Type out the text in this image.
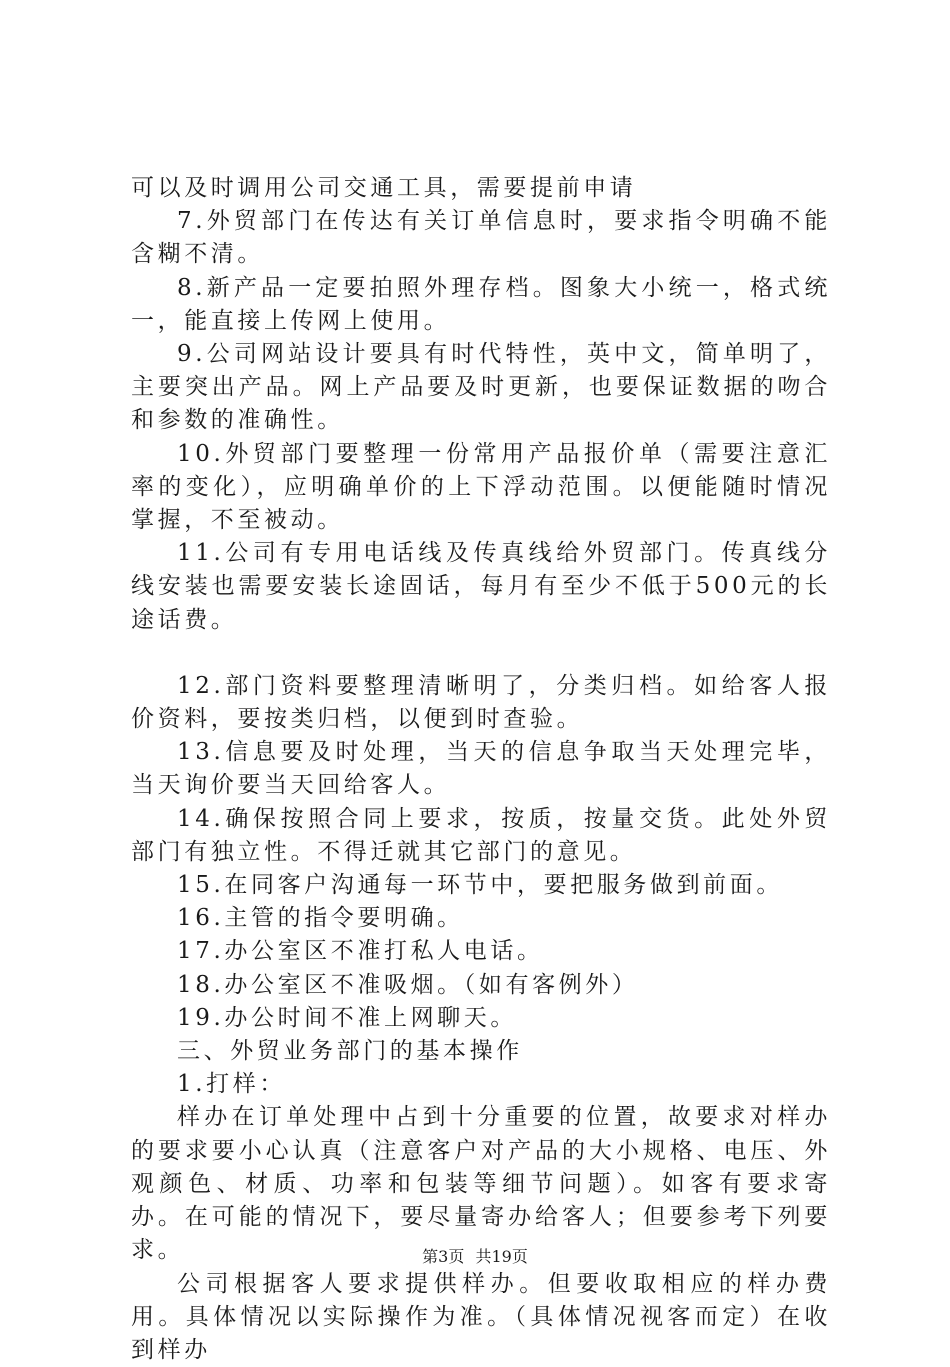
可以及时调用公司交通工具，需要提前申请

7.外贸部门在传达有关订单信息时，要求指令明确不能含糊不清。

8.新产品一定要拍照外理存档。图象大小统一，格式统一，能直接上传网上使用。

9.公司网站设计要具有时代特性，英中文，简单明了，主要突出产品。网上产品要及时更新，也要保证数据的吻合和参数的准确性。

10.外贸部门要整理一份常用产品报价单（需要注意汇率的变化），应明确单价的上下浮动范围。以便能随时情况掌握，不至被动。

11.公司有专用电话线及传真线给外贸部门。传真线分线安装也需要安装长途固话，每月有至少不低于500元的长途话费。

12.部门资料要整理清晰明了，分类归档。如给客人报价资料，要按类归档，以便到时查验。

13.信息要及时处理，当天的信息争取当天处理完毕，当天询价要当天回给客人。

14.确保按照合同上要求，按质，按量交货。此处外贸部门有独立性。不得迁就其它部门的意见。

15.在同客户沟通每一环节中，要把服务做到前面。

16.主管的指令要明确。

17.办公室区不准打私人电话。

18.办公室区不准吸烟。（如有客例外）

19.办公时间不准上网聊天。

三、外贸业务部门的基本操作

1.打样：

样办在订单处理中占到十分重要的位置，故要求对样办的要求要小心认真（注意客户对产品的大小规格、电压、外观颜色、材质、功率和包装等细节问题）。如客有要求寄办。在可能的情况下，要尽量寄办给客人；但要参考下列要求。

公司根据客人要求提供样办。但要收取相应的样办费用。具体情况以实际操作为准。（具体情况视客而定）在收到样办

第3页 共19页
